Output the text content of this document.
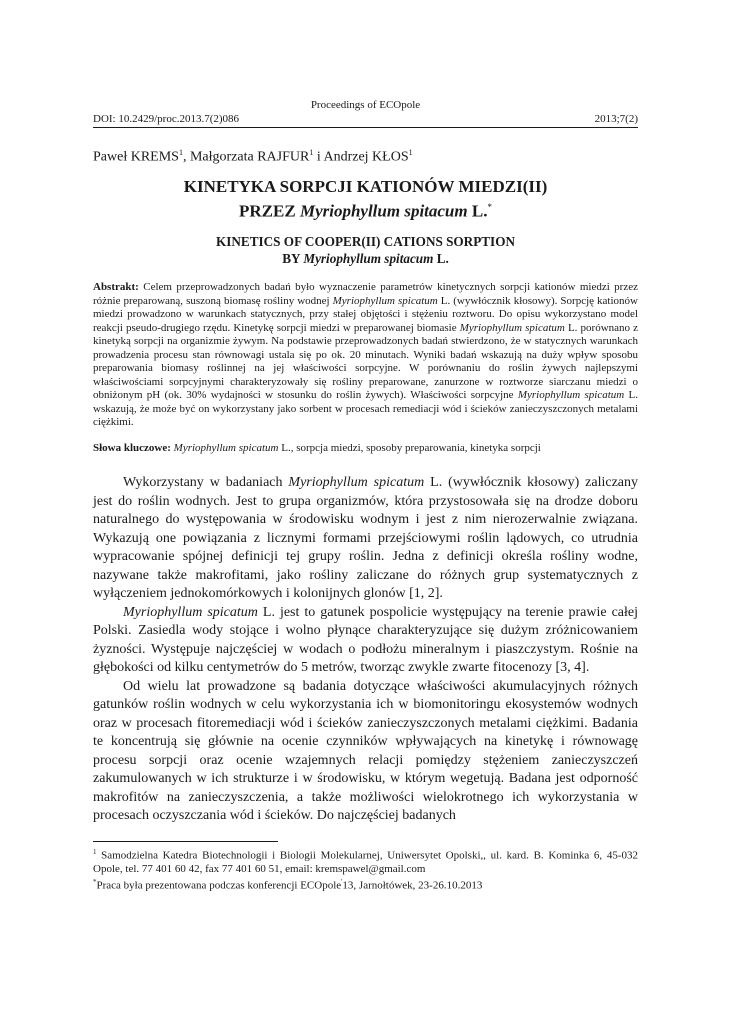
Proceedings of ECOpole
DOI: 10.2429/proc.2013.7(2)086	2013;7(2)
Paweł KREMS$^1$, Małgorzata RAJFUR$^1$ i Andrzej KŁOS$^1$
KINETYKA SORPCJI KATIONÓW MIEDZI(II)
PRZEZ Myriophyllum spitacum L.*
KINETICS OF COOPER(II) CATIONS SORPTION
BY Myriophyllum spitacum L.
Abstrakt: Celem przeprowadzonych badań było wyznaczenie parametrów kinetycznych sorpcji kationów miedzi przez różnie preparowaną, suszoną biomasę rośliny wodnej Myriophyllum spicatum L. (wywłócznik kłosowy). Sorpcję kationów miedzi prowadzono w warunkach statycznych, przy stałej objętości i stężeniu roztworu. Do opisu wykorzystano model reakcji pseudo-drugiego rzędu. Kinetykę sorpcji miedzi w preparowanej biomasie Myriophyllum spicatum L. porównano z kinetyką sorpcji na organizmie żywym. Na podstawie przeprowadzonych badań stwierdzono, że w statycznych warunkach prowadzenia procesu stan równowagi ustala się po ok. 20 minutach. Wyniki badań wskazują na duży wpływ sposobu preparowania biomasy roślinnej na jej właściwości sorpcyjne. W porównaniu do roślin żywych najlepszymi właściwościami sorpcyjnymi charakteryzowały się rośliny preparowane, zanurzone w roztworze siarczanu miedzi o obniżonym pH (ok. 30% wydajności w stosunku do roślin żywych). Właściwości sorpcyjne Myriophyllum spicatum L. wskazują, że może być on wykorzystany jako sorbent w procesach remediacji wód i ścieków zanieczyszczonych metalami ciężkimi.
Słowa kluczowe: Myriophyllum spicatum L., sorpcja miedzi, sposoby preparowania, kinetyka sorpcji

Wykorzystany w badaniach Myriophyllum spicatum L. (wywłócznik kłosowy) zaliczany jest do roślin wodnych. Jest to grupa organizmów, która przystosowała się na drodze doboru naturalnego do występowania w środowisku wodnym i jest z nim nierozerwalnie związana. Wykazują one powiązania z licznymi formami przejściowymi roślin lądowych, co utrudnia wypracowanie spójnej definicji tej grupy roślin. Jedna z definicji określa rośliny wodne, nazywane także makrofitami, jako rośliny zaliczane do różnych grup systematycznych z wyłączeniem jednokomórkowych i kolonijnych glonów [1, 2].

Myriophyllum spicatum L. jest to gatunek pospolicie występujący na terenie prawie całej Polski. Zasiedla wody stojące i wolno płynące charakteryzujące się dużym zróżnicowaniem żyzności. Występuje najczęściej w wodach o podłożu mineralnym i piaszczystym. Rośnie na głębokości od kilku centymetrów do 5 metrów, tworząc zwykle zwarte fitocenozy [3, 4].

Od wielu lat prowadzone są badania dotyczące właściwości akumulacyjnych różnych gatunków roślin wodnych w celu wykorzystania ich w biomonitoringu ekosystemów wodnych oraz w procesach fitoremediacji wód i ścieków zanieczyszczonych metalami ciężkimi. Badania te koncentrują się głównie na ocenie czynników wpływających na kinetykę i równowagę procesu sorpcji oraz ocenie wzajemnych relacji pomiędzy stężeniem zanieczyszczeń zakumulowanych w ich strukturze i w środowisku, w którym wegetują. Badana jest odporność makrofitów na zanieczyszczenia, a także możliwości wielokrotnego ich wykorzystania w procesach oczyszczania wód i ścieków. Do najczęściej badanych

$^1$ Samodzielna Katedra Biotechnologii i Biologii Molekularnej, Uniwersytet Opolski,, ul. kard. B. Kominka 6, 45-032 Opole, tel. 77 401 60 42, fax 77 401 60 51, email: kremspawel@gmail.com

*Praca była prezentowana podczas konferencji ECOpole'13, Jarnołtówek, 23-26.10.2013
